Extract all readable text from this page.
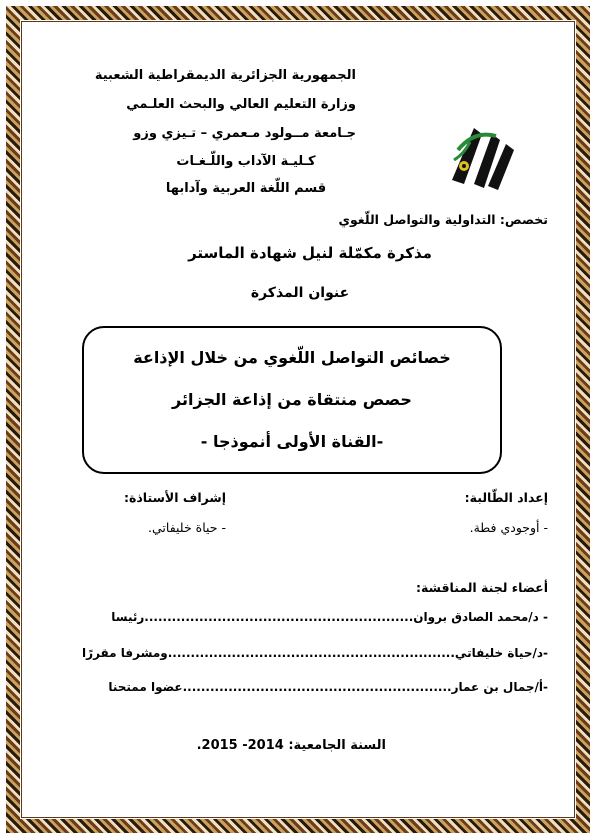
الجمهورية الجزائرية الديمقراطية الشعبية
وزارة التعليم العالي والبحث العلـمي
جـامعة مــولود مـعمري – تـيزي وزو
كـليـة الآداب واللّـغـات
قسم اللّغة العربية وآدابها
تخصص: التداولية والتواصل اللّغوي
مذكرة مكمّلة لنيل شهادة الماستر
عنوان المذكرة
خصائص التواصل اللّغوي من خلال الإذاعة
حصص منتقاة من إذاعة الجزائر
-القناة الأولى أنموذجا -
إعداد الطّالبة:
- أوجودي فطة.
إشراف الأستاذة:
- حياة خليفاتي.
أعضاء لجنة المناقشة:
- د/محمد الصادق بروان...........................................................رئيسا
-د/حياة خليفاتي...............................................................ومشرفا مقررًا
-أ/جمال بن عمار...........................................................عضوا ممتحنا
السنة الجامعية: 2014- 2015.
